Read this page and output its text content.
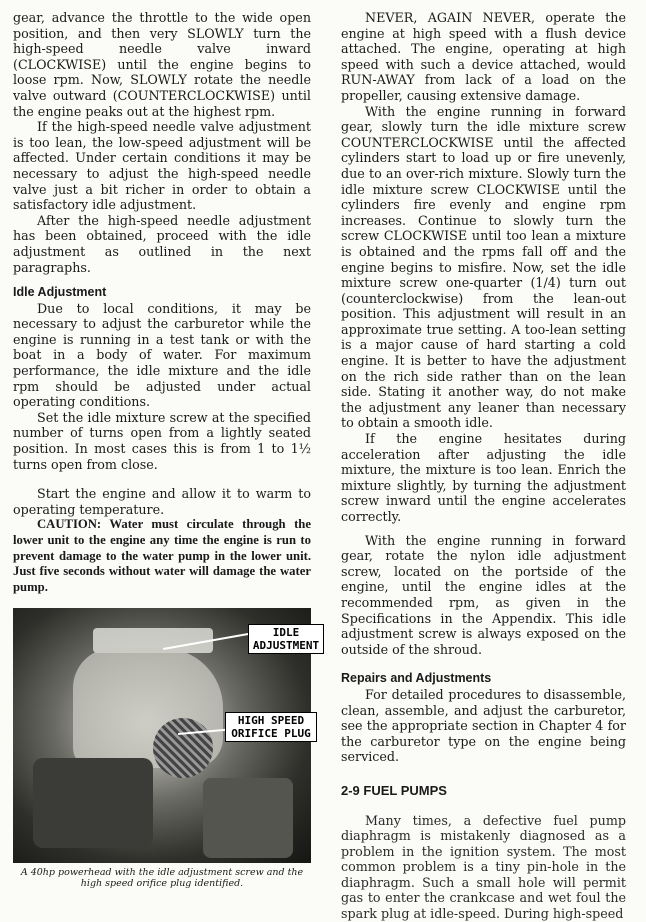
gear, advance the throttle to the wide open position, and then very SLOWLY turn the high-speed needle valve inward (CLOCKWISE) until the engine begins to loose rpm. Now, SLOWLY rotate the needle valve outward (COUNTERCLOCKWISE) until the engine peaks out at the highest rpm.

If the high-speed needle valve adjustment is too lean, the low-speed adjustment will be affected. Under certain conditions it may be necessary to adjust the high-speed needle valve just a bit richer in order to obtain a satisfactory idle adjustment.

After the high-speed needle adjustment has been obtained, proceed with the idle adjustment as outlined in the next paragraphs.

Idle Adjustment

Due to local conditions, it may be necessary to adjust the carburetor while the engine is running in a test tank or with the boat in a body of water. For maximum performance, the idle mixture and the idle rpm should be adjusted under actual operating conditions.

Set the idle mixture screw at the specified number of turns open from a lightly seated position. In most cases this is from 1 to 1½ turns open from close.

Start the engine and allow it to warm to operating temperature.

CAUTION: Water must circulate through the lower unit to the engine any time the engine is run to prevent damage to the water pump in the lower unit. Just five seconds without water will damage the water pump.

IDLE
ADJUSTMENT
HIGH SPEED
ORIFICE PLUG
A 40hp powerhead with the idle adjustment screw and the high speed orifice plug identified.

NEVER, AGAIN NEVER, operate the engine at high speed with a flush device attached. The engine, operating at high speed with such a device attached, would RUN-AWAY from lack of a load on the propeller, causing extensive damage.

With the engine running in forward gear, slowly turn the idle mixture screw COUNTERCLOCKWISE until the affected cylinders start to load up or fire unevenly, due to an over-rich mixture. Slowly turn the idle mixture screw CLOCKWISE until the cylinders fire evenly and engine rpm increases. Continue to slowly turn the screw CLOCKWISE until too lean a mixture is obtained and the rpms fall off and the engine begins to misfire. Now, set the idle mixture screw one-quarter (1/4) turn out (counterclockwise) from the lean-out position. This adjustment will result in an approximate true setting. A too-lean setting is a major cause of hard starting a cold engine. It is better to have the adjustment on the rich side rather than on the lean side. Stating it another way, do not make the adjustment any leaner than necessary to obtain a smooth idle.

If the engine hesitates during acceleration after adjusting the idle mixture, the mixture is too lean. Enrich the mixture slightly, by turning the adjustment screw inward until the engine accelerates correctly.

With the engine running in forward gear, rotate the nylon idle adjustment screw, located on the portside of the engine, until the engine idles at the recommended rpm, as given in the Specifications in the Appendix. This idle adjustment screw is always exposed on the outside of the shroud.

Repairs and Adjustments

For detailed procedures to disassemble, clean, assemble, and adjust the carburetor, see the appropriate section in Chapter 4 for the carburetor type on the engine being serviced.

2-9 FUEL PUMPS

Many times, a defective fuel pump diaphragm is mistakenly diagnosed as a problem in the ignition system. The most common problem is a tiny pin-hole in the diaphragm. Such a small hole will permit gas to enter the crankcase and wet foul the spark plug at idle-speed. During high-speed
